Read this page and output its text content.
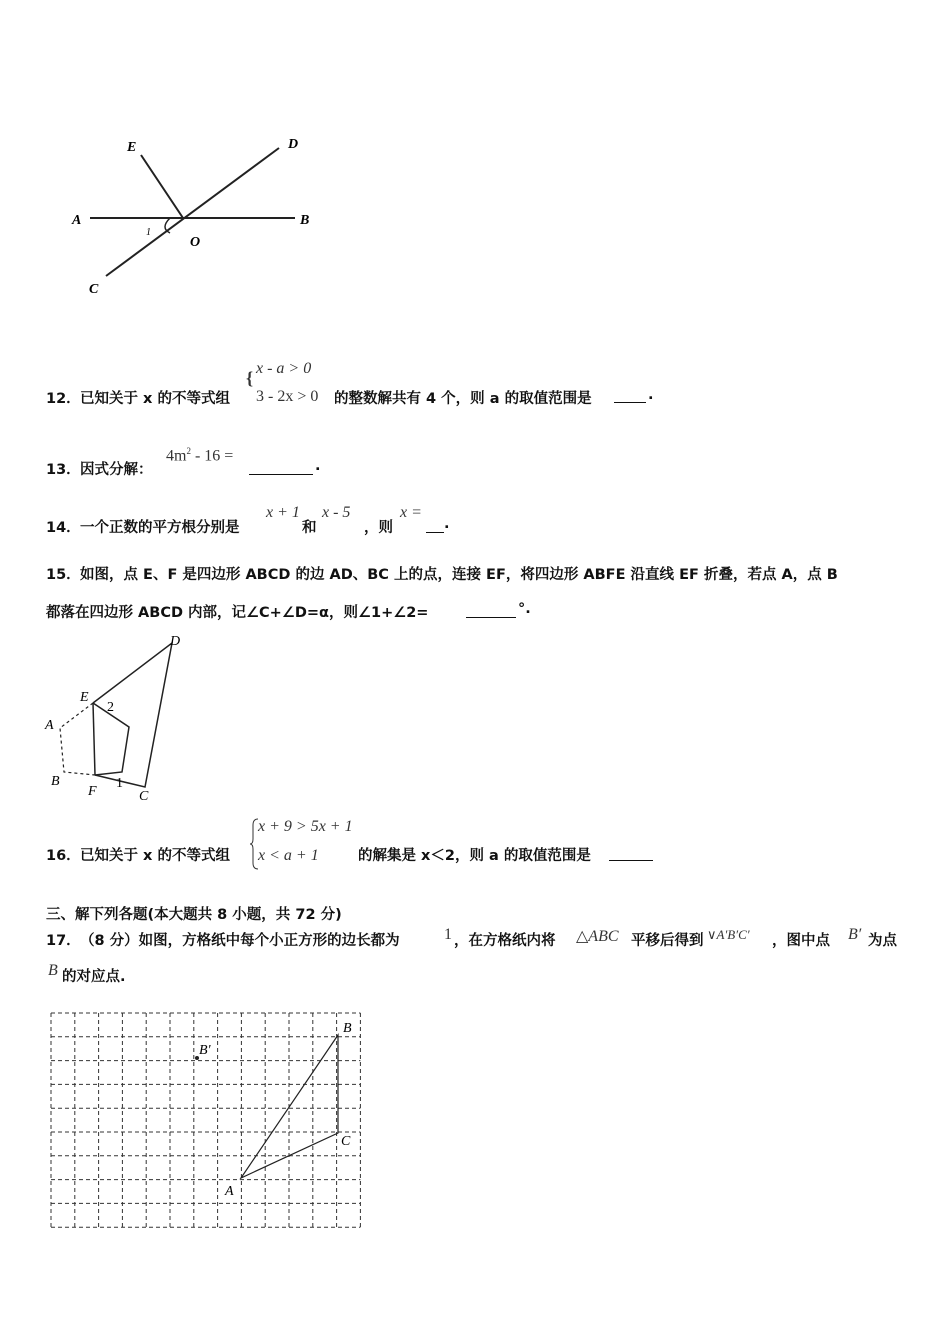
E	D
A	B
O
C
1
12． 已知关于 x 的不等式组
{ x - a > 0
3 - 2x > 0 的整数解共有 4 个，则 a 的取值范围是	.
13． 因式分解：
$4m^2 - 16$ =
.
14． 一个正数的平方根分别是
x + 1
和
x - 5
，则
x =
.
15． 如图，点 E、F 是四边形 ABCD 的边 AD、BC 上的点，连接 EF，将四边形 ABFE 沿直线 EF 折叠，若点 A，点 B
都落在四边形 ABCD 内部，记∠C+∠D=α，则∠1+∠2=	°.
D
E
2
A
B
F
1
C
16． 已知关于 x 的不等式组
x + 9 > 5x + 1
x < a + 1	的解集是 x＜2，则 a 的取值范围是
三、解下列各题(本大题共 8 小题，共 72 分)
17． （8 分）如图，方格纸中每个小正方形的边长都为	1 ，在方格纸内将 △ABC 平移后得到 ∨A′B′C′ ，图中点 B′ 为点
B 的对应点.
B
B'
C
A
